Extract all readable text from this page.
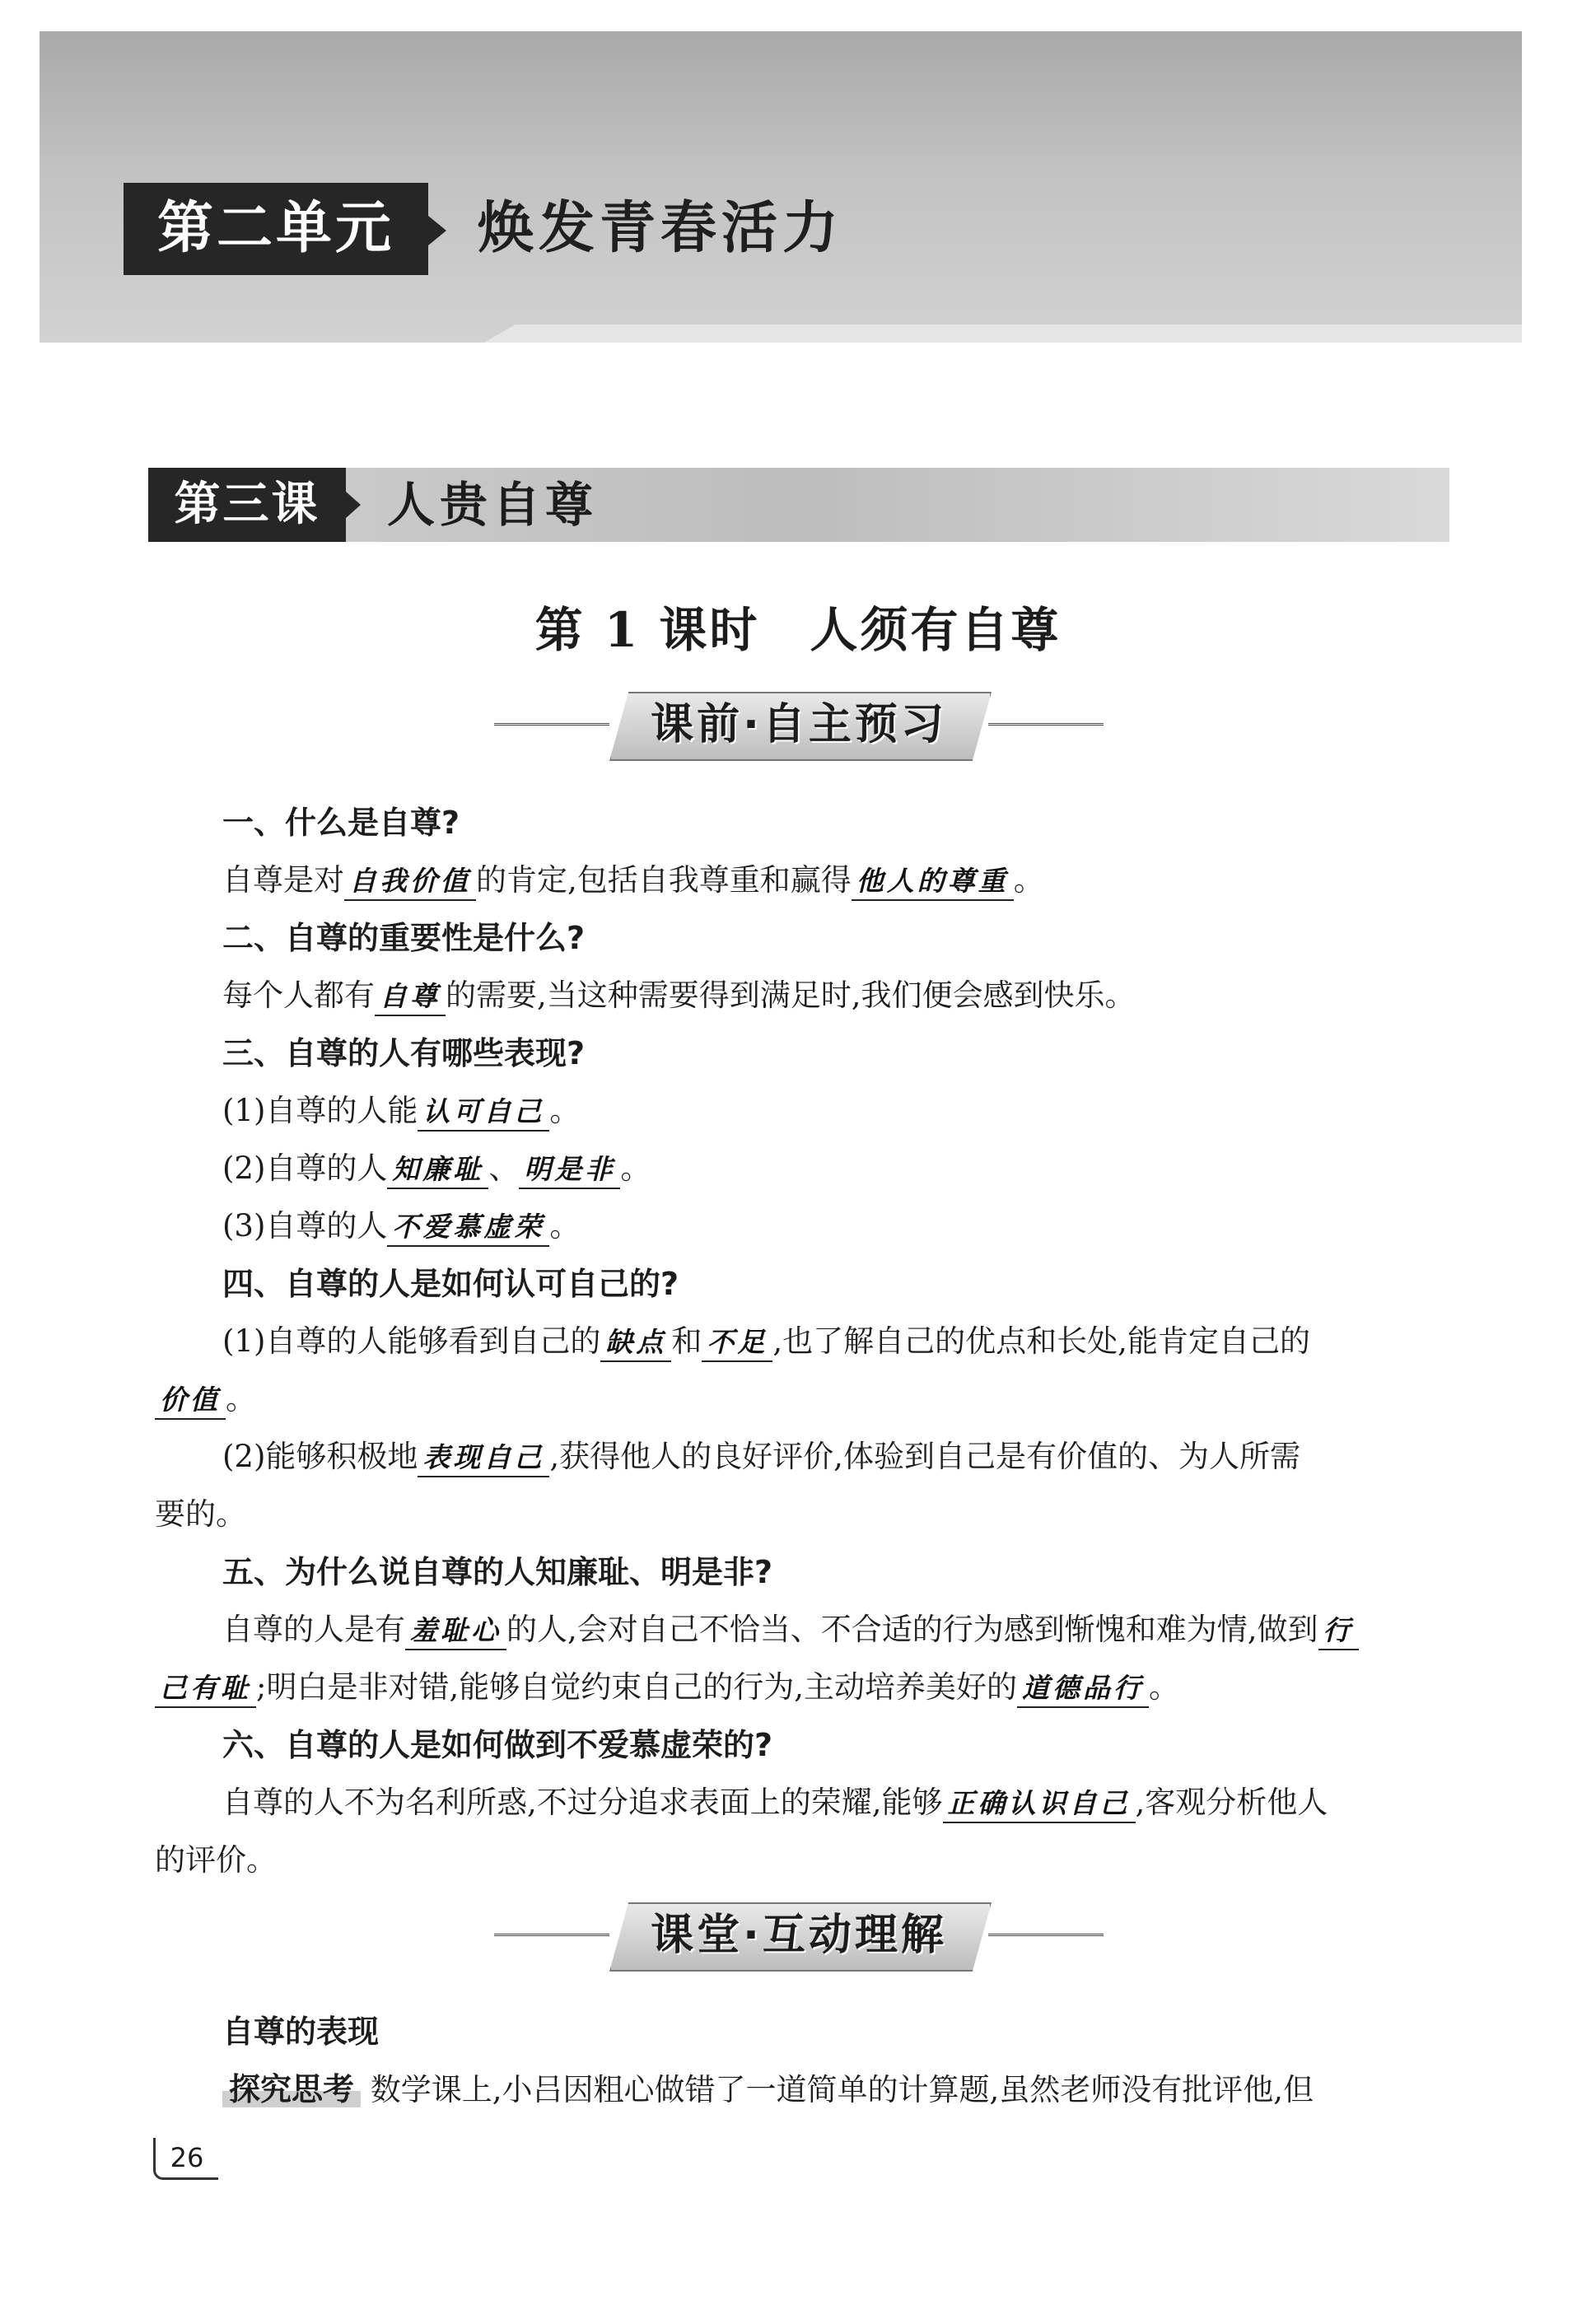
第二单元	焕发青春活力
第三课	人贵自尊
第 1 课时　人须有自尊
课前·自主预习

一、什么是自尊?

自尊是对 自我价值 的肯定,包括自我尊重和赢得 他人的尊重 。

二、自尊的重要性是什么?

每个人都有 自尊 的需要,当这种需要得到满足时,我们便会感到快乐。

三、自尊的人有哪些表现?

(1)自尊的人能 认可自己 。

(2)自尊的人 知廉耻 、 明是非 。

(3)自尊的人 不爱慕虚荣 。

四、自尊的人是如何认可自己的?

(1)自尊的人能够看到自己的 缺点 和 不足 ,也了解自己的优点和长处,能肯定自己的

价值 。

(2)能够积极地 表现自己 ,获得他人的良好评价,体验到自己是有价值的、为人所需

要的。

五、为什么说自尊的人知廉耻、明是非?

自尊的人是有 羞耻心 的人,会对自己不恰当、不合适的行为感到惭愧和难为情,做到 行

己有耻 ;明白是非对错,能够自觉约束自己的行为,主动培养美好的 道德品行 。

六、自尊的人是如何做到不爱慕虚荣的?

自尊的人不为名利所惑,不过分追求表面上的荣耀,能够 正确认识自己 ,客观分析他人

的评价。

课堂·互动理解

自尊的表现

探究思考 数学课上,小吕因粗心做错了一道简单的计算题,虽然老师没有批评他,但

26
